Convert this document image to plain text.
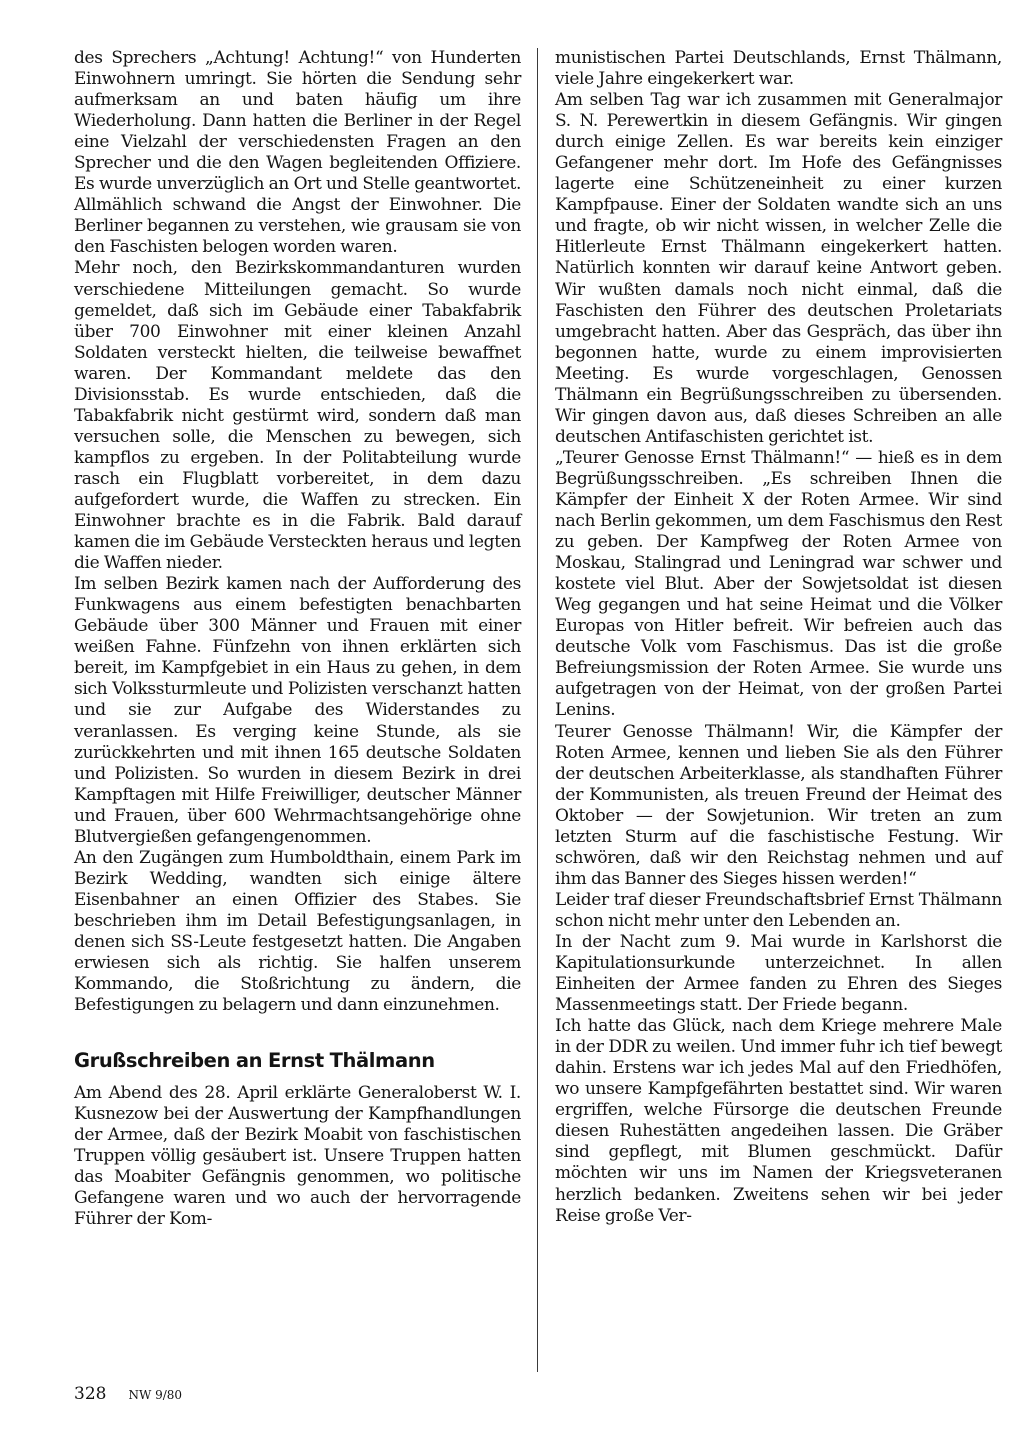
des Sprechers „Achtung! Achtung!“ von Hunderten Einwohnern umringt. Sie hörten die Sendung sehr aufmerksam an und baten häufig um ihre Wiederholung. Dann hatten die Berliner in der Regel eine Vielzahl der verschiedensten Fragen an den Sprecher und die den Wagen begleitenden Offiziere. Es wurde unverzüglich an Ort und Stelle geantwortet. Allmählich schwand die Angst der Einwohner. Die Berliner begannen zu verstehen, wie grausam sie von den Faschisten belogen worden waren.

Mehr noch, den Bezirkskommandanturen wurden verschiedene Mitteilungen gemacht. So wurde gemeldet, daß sich im Gebäude einer Tabakfabrik über 700 Einwohner mit einer kleinen Anzahl Soldaten versteckt hielten, die teilweise bewaffnet waren. Der Kommandant meldete das den Divisionsstab. Es wurde entschieden, daß die Tabakfabrik nicht gestürmt wird, sondern daß man versuchen solle, die Menschen zu bewegen, sich kampflos zu ergeben. In der Politabteilung wurde rasch ein Flugblatt vorbereitet, in dem dazu aufgefordert wurde, die Waffen zu strecken. Ein Einwohner brachte es in die Fabrik. Bald darauf kamen die im Gebäude Versteckten heraus und legten die Waffen nieder.

Im selben Bezirk kamen nach der Aufforderung des Funkwagens aus einem befestigten benachbarten Gebäude über 300 Männer und Frauen mit einer weißen Fahne. Fünfzehn von ihnen erklärten sich bereit, im Kampfgebiet in ein Haus zu gehen, in dem sich Volkssturmleute und Polizisten verschanzt hatten und sie zur Aufgabe des Widerstandes zu veranlassen. Es verging keine Stunde, als sie zurückkehrten und mit ihnen 165 deutsche Soldaten und Polizisten. So wurden in diesem Bezirk in drei Kampftagen mit Hilfe Freiwilliger, deutscher Männer und Frauen, über 600 Wehrmachtsangehörige ohne Blutvergießen gefangengenommen.

An den Zugängen zum Humboldthain, einem Park im Bezirk Wedding, wandten sich einige ältere Eisenbahner an einen Offizier des Stabes. Sie beschrieben ihm im Detail Befestigungsanlagen, in denen sich SS-Leute festgesetzt hatten. Die Angaben erwiesen sich als richtig. Sie halfen unserem Kommando, die Stoßrichtung zu ändern, die Befestigungen zu belagern und dann einzunehmen.

Grußschreiben an Ernst Thälmann

Am Abend des 28. April erklärte Generaloberst W. I. Kusnezow bei der Auswertung der Kampfhandlungen der Armee, daß der Bezirk Moabit von faschistischen Truppen völlig gesäubert ist. Unsere Truppen hatten das Moabiter Gefängnis genommen, wo politische Gefangene waren und wo auch der hervorragende Führer der Kom-

munistischen Partei Deutschlands, Ernst Thälmann, viele Jahre eingekerkert war.

Am selben Tag war ich zusammen mit Generalmajor S. N. Perewertkin in diesem Gefängnis. Wir gingen durch einige Zellen. Es war bereits kein einziger Gefangener mehr dort. Im Hofe des Gefängnisses lagerte eine Schützeneinheit zu einer kurzen Kampfpause. Einer der Soldaten wandte sich an uns und fragte, ob wir nicht wissen, in welcher Zelle die Hitlerleute Ernst Thälmann eingekerkert hatten. Natürlich konnten wir darauf keine Antwort geben. Wir wußten damals noch nicht einmal, daß die Faschisten den Führer des deutschen Proletariats umgebracht hatten. Aber das Gespräch, das über ihn begonnen hatte, wurde zu einem improvisierten Meeting. Es wurde vorgeschlagen, Genossen Thälmann ein Begrüßungsschreiben zu übersenden. Wir gingen davon aus, daß dieses Schreiben an alle deutschen Antifaschisten gerichtet ist.

„Teurer Genosse Ernst Thälmann!“ — hieß es in dem Begrüßungsschreiben. „Es schreiben Ihnen die Kämpfer der Einheit X der Roten Armee. Wir sind nach Berlin gekommen, um dem Faschismus den Rest zu geben. Der Kampfweg der Roten Armee von Moskau, Stalingrad und Leningrad war schwer und kostete viel Blut. Aber der Sowjetsoldat ist diesen Weg gegangen und hat seine Heimat und die Völker Europas von Hitler befreit. Wir befreien auch das deutsche Volk vom Faschismus. Das ist die große Befreiungsmission der Roten Armee. Sie wurde uns aufgetragen von der Heimat, von der großen Partei Lenins.

Teurer Genosse Thälmann! Wir, die Kämpfer der Roten Armee, kennen und lieben Sie als den Führer der deutschen Arbeiterklasse, als standhaften Führer der Kommunisten, als treuen Freund der Heimat des Oktober — der Sowjetunion. Wir treten an zum letzten Sturm auf die faschistische Festung. Wir schwören, daß wir den Reichstag nehmen und auf ihm das Banner des Sieges hissen werden!“

Leider traf dieser Freundschaftsbrief Ernst Thälmann schon nicht mehr unter den Lebenden an.

In der Nacht zum 9. Mai wurde in Karlshorst die Kapitulationsurkunde unterzeichnet. In allen Einheiten der Armee fanden zu Ehren des Sieges Massenmeetings statt. Der Friede begann.

Ich hatte das Glück, nach dem Kriege mehrere Male in der DDR zu weilen. Und immer fuhr ich tief bewegt dahin. Erstens war ich jedes Mal auf den Friedhöfen, wo unsere Kampfgefährten bestattet sind. Wir waren ergriffen, welche Fürsorge die deutschen Freunde diesen Ruhestätten angedeihen lassen. Die Gräber sind gepflegt, mit Blumen geschmückt. Dafür möchten wir uns im Namen der Kriegsveteranen herzlich bedanken. Zweitens sehen wir bei jeder Reise große Ver-

328 NW 9/80
